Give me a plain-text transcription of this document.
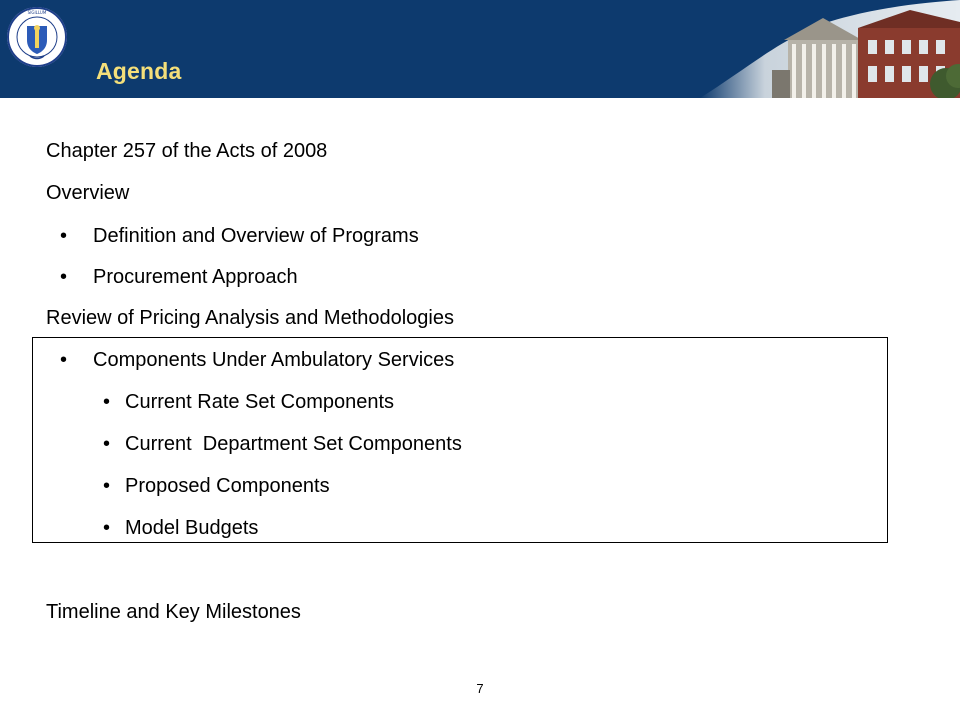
SIGILLUM
Agenda
Chapter 257 of the Acts of 2008
Overview
• Definition and Overview of Programs
• Procurement Approach
Review of Pricing Analysis and Methodologies
• Components Under Ambulatory Services
• Current Rate Set Components
• Current  Department Set Components
• Proposed Components
• Model Budgets
Timeline and Key Milestones
7
